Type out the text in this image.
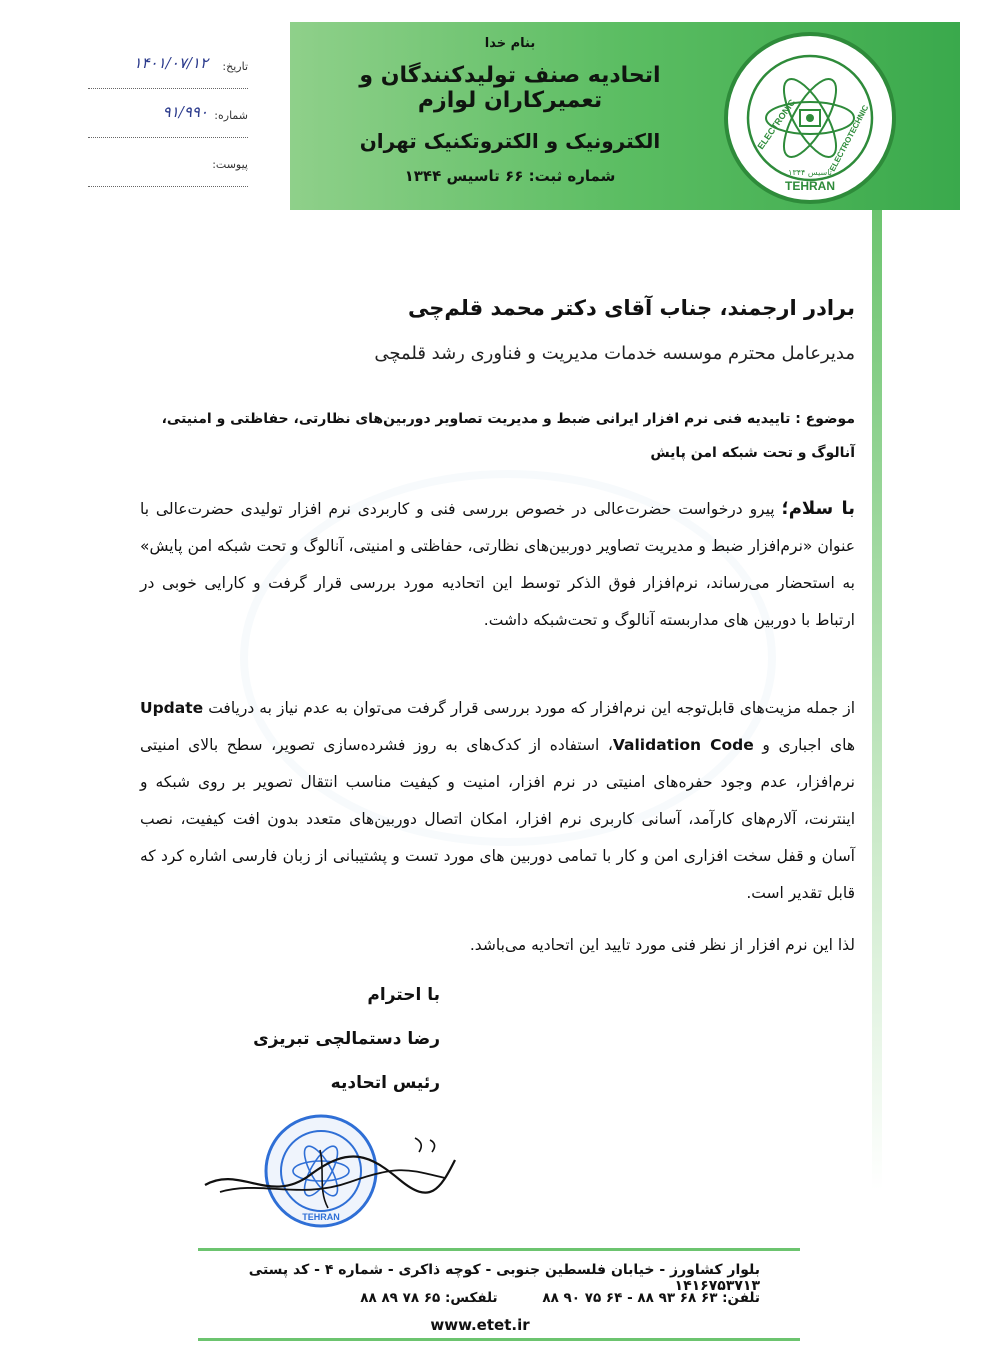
بنام خدا
اتحادیه صنف تولیدکنندگان و تعمیرکاران لوازم
الکترونیک و الکتروتکنیک تهران
شماره ثبت: ۶۶ تاسیس ۱۳۴۴
ELECTRONIC	ELECTROTECHNIC
TEHRAN
۱۳۴۴ تاسیس
تاریخ:
۱۴۰۱/۰۷/۱۲
شماره:
۹۱/۹۹۰
پیوست:
برادر ارجمند، جناب آقای دکتر محمد قلم‌چی
مدیرعامل محترم موسسه خدمات مدیریت و فناوری رشد قلمچی
موضوع : تاییدیه فنی نرم افزار ایرانی ضبط و مدیریت تصاویر دوربین‌های نظارتی، حفاظتی و امنیتی، آنالوگ و تحت شبکه امن پایش
با سلام؛ پیرو درخواست حضرت‌عالی در خصوص بررسی فنی و کاربردی نرم افزار تولیدی حضرت‌عالی با عنوان «نرم‌افزار ضبط و مدیریت تصاویر دوربین‌های نظارتی، حفاظتی و امنیتی، آنالوگ و تحت شبکه امن پایش» به استحضار می‌رساند، نرم‌افزار فوق الذکر توسط این اتحادیه مورد بررسی قرار گرفت و کارایی خوبی در ارتباط با دوربین های مداربسته آنالوگ و تحت‌شبکه داشت.
از جمله مزیت‌های قابل‌توجه این نرم‌افزار که مورد بررسی قرار گرفت می‌توان به عدم نیاز به دریافت Update های اجباری و Validation Code، استفاده از کدک‌های به روز فشرده‌سازی تصویر، سطح بالای امنیتی نرم‌افزار، عدم وجود حفره‌های امنیتی در نرم افزار، امنیت و کیفیت مناسب انتقال تصویر بر روی شبکه و اینترنت، آلارم‌های کارآمد، آسانی کاربری نرم افزار، امکان اتصال دوربین‌های متعدد بدون افت کیفیت، نصب آسان و قفل سخت افزاری امن و کار با تمامی دوربین های مورد تست و پشتیبانی از زبان فارسی اشاره کرد که قابل تقدیر است.
لذا این نرم افزار از نظر فنی مورد تایید این اتحادیه می‌باشد.
با احترام
رضا دستمالچی تبریزی
رئیس اتحادیه
TEHRAN
بلوار کشاورز - خیابان فلسطین جنوبی - کوچه ذاکری - شماره ۴ - کد پستی ۱۴۱۶۷۵۳۷۱۳
تلفن: ۶۳ ۶۸ ۹۳ ۸۸ - ۶۴ ۷۵ ۹۰ ۸۸ تلفکس: ۶۵ ۷۸ ۸۹ ۸۸
www.etet.ir
